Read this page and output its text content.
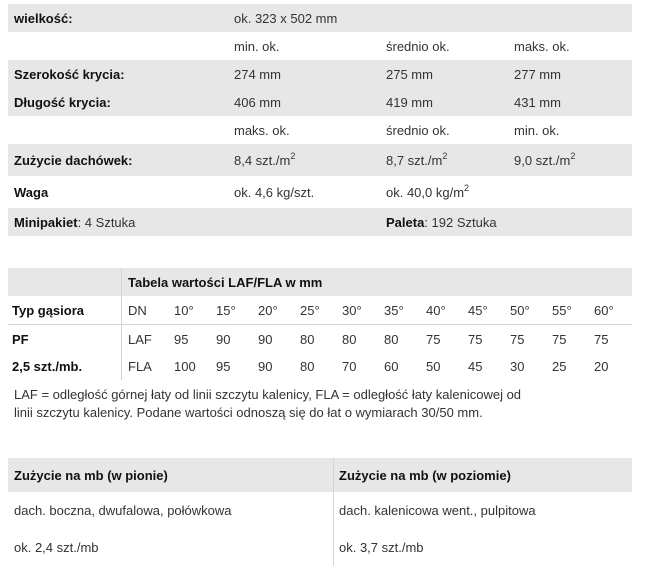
wielkość:	ok. 323 x 502 mm
min. ok.	średnio ok.	maks. ok.
Szerokość krycia:	274 mm	275 mm	277 mm
Długość krycia:	406 mm	419 mm	431 mm
maks. ok.	średnio ok.	min. ok.
Zużycie dachówek:	8,4 $szt./m^2$	8,7 $szt./m^2$	9,0 $szt./m^2$
Waga	ok. 4,6 kg/szt.	ok. 40,0 $kg/m^2$
Minipakiet: 4 Sztuka	Paleta: 192 Sztuka
Tabela wartości LAF/FLA w mm
Typ gąsiora	DN 10° 15° 20° 25° 30° 35° 40° 45° 50° 55° 60°
PF	LAF 95 90 90 80 80 80 75 75 75 75 75
2,5 szt./mb.	FLA 100 95 90 80 70 60 50 45 30 25 20
LAF = odległość górnej łaty od linii szczytu kalenicy, FLA = odległość łaty kalenicowej od
linii szczytu kalenicy. Podane wartości odnoszą się do łat o wymiarach 30/50 mm.
Zużycie na mb (w pionie)	Zużycie na mb (w poziomie)
dach. boczna, dwufalowa, połówkowa	dach. kalenicowa went., pulpitowa
ok. 2,4 szt./mb	ok. 3,7 szt./mb
